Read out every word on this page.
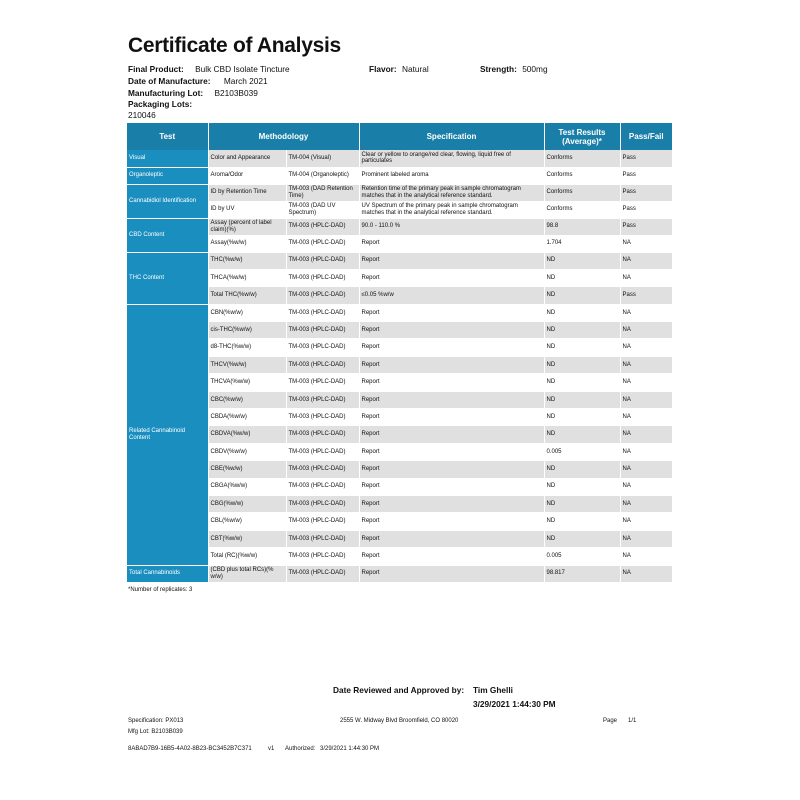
Certificate of Analysis
Final Product: Bulk CBD Isolate Tincture	Flavor: Natural	Strength: 500mg
Date of Manufacture: March 2021
Manufacturing Lot: B2103B039
Packaging Lots:
210046
Test	Methodology		Specification	Test Results (Average)*	Pass/Fail
Visual	Color and Appearance	TM-004 (Visual)	Clear or yellow to orange/red clear, flowing, liquid free of particulates	Conforms	Pass
Organoleptic	Aroma/Odor	TM-004 (Organoleptic)	Prominent labeled aroma	Conforms	Pass
Cannabidiol Identification	ID by Retention Time	TM-003 (DAD Retention Time)	Retention time of the primary peak in sample chromatogram matches that in the analytical reference standard.	Conforms	Pass
	ID by UV	TM-003 (DAD UV Spectrum)	UV Spectrum of the primary peak in sample chromatogram matches that in the analytical reference standard.	Conforms	Pass
CBD Content	Assay (percent of label claim)(%)	TM-003 (HPLC-DAD)	90.0 - 110.0 %	98.8	Pass
	Assay(%w/w)	TM-003 (HPLC-DAD)	Report	1.704	NA
THC Content	THC(%w/w)	TM-003 (HPLC-DAD)	Report	ND	NA
	THCA(%w/w)	TM-003 (HPLC-DAD)	Report	ND	NA
	Total THC(%w/w)	TM-003 (HPLC-DAD)	≤0.05 %w/w	ND	Pass
Related Cannabinoid Content	CBN(%w/w)	TM-003 (HPLC-DAD)	Report	ND	NA
	cis-THC(%w/w)	TM-003 (HPLC-DAD)	Report	ND	NA
	d8-THC(%w/w)	TM-003 (HPLC-DAD)	Report	ND	NA
	THCV(%w/w)	TM-003 (HPLC-DAD)	Report	ND	NA
	THCVA(%w/w)	TM-003 (HPLC-DAD)	Report	ND	NA
	CBC(%w/w)	TM-003 (HPLC-DAD)	Report	ND	NA
	CBDA(%w/w)	TM-003 (HPLC-DAD)	Report	ND	NA
	CBDVA(%w/w)	TM-003 (HPLC-DAD)	Report	ND	NA
	CBDV(%w/w)	TM-003 (HPLC-DAD)	Report	0.005	NA
	CBE(%w/w)	TM-003 (HPLC-DAD)	Report	ND	NA
	CBGA(%w/w)	TM-003 (HPLC-DAD)	Report	ND	NA
	CBG(%w/w)	TM-003 (HPLC-DAD)	Report	ND	NA
	CBL(%w/w)	TM-003 (HPLC-DAD)	Report	ND	NA
	CBT(%w/w)	TM-003 (HPLC-DAD)	Report	ND	NA
	Total (RC)(%w/w)	TM-003 (HPLC-DAD)	Report	0.005	NA
Total Cannabinoids	(CBD plus total RCs)(% w/w)	TM-003 (HPLC-DAD)	Report	98.817	NA
*Number of replicates: 3
Date Reviewed and Approved by: Tim Ghelli
3/29/2021 1:44:30 PM
Specification: PX013	2555 W. Midway Blvd Broomfield, CO 80020	Page 1/1
Mfg Lot: B2103B039
8ABAD7B9-16B5-4A02-8B23-BC3452B7C371	v1 Authorized: 3/29/2021 1:44:30 PM
